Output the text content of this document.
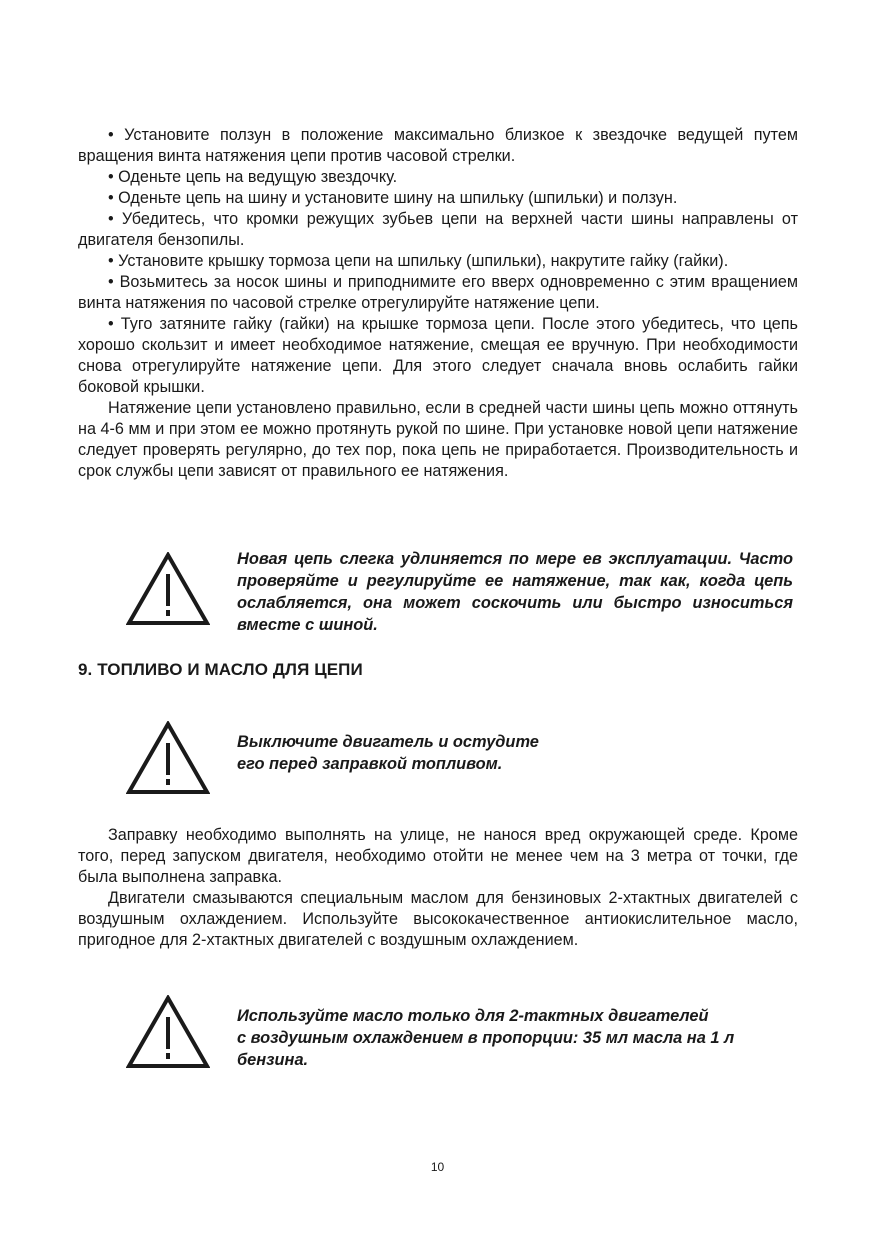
• Установите ползун в положение максимально близкое к звездочке ведущей путем вращения винта натяжения цепи против часовой стрелки.

• Оденьте цепь на ведущую звездочку.

• Оденьте цепь на шину и установите шину на шпильку (шпильки) и ползун.

• Убедитесь, что кромки режущих зубьев цепи на верхней части шины направлены от двигателя бензопилы.

• Установите крышку тормоза цепи на шпильку (шпильки), накрутите гайку (гайки).

• Возьмитесь за носок шины и приподнимите его вверх одновременно с этим вращением винта натяжения по часовой стрелке отрегулируйте натяжение цепи.

• Туго затяните гайку (гайки) на крышке тормоза цепи. После этого убедитесь, что цепь хорошо скользит и имеет необходимое натяжение, смещая ее вручную. При необходимости снова отрегулируйте натяжение цепи. Для этого следует сначала вновь ослабить гайки боковой крышки.

Натяжение цепи установлено правильно, если в средней части шины цепь можно оттянуть на 4-6 мм и при этом ее можно протянуть рукой по шине. При установке новой цепи натяжение следует проверять регулярно, до тех пор, пока цепь не приработается. Производительность и срок службы цепи зависят от правильного ее натяжения.

Новая цепь слегка удлиняется по мере ев эксплуатации. Часто проверяйте и регулируйте ее натяжение, так как, когда цепь ослабляется, она может соскочить или быстро износиться вместе с шиной.
9. ТОПЛИВО И МАСЛО ДЛЯ ЦЕПИ
Выключите двигатель и остудите
его перед заправкой топливом.

Заправку необходимо выполнять на улице, не нанося вред окружающей среде. Кроме того, перед запуском двигателя, необходимо отойти не менее чем на 3 метра от точки, где была выполнена заправка.

Двигатели смазываются специальным маслом для бензиновых 2-хтактных двигателей с воздушным охлаждением. Используйте высококачественное антиокислительное масло, пригодное для 2-хтактных двигателей с воздушным охлаждением.

Используйте масло только для 2-тактных двигателей
с воздушным охлаждением в пропорции: 35 мл масла на 1 л
бензина.
10
